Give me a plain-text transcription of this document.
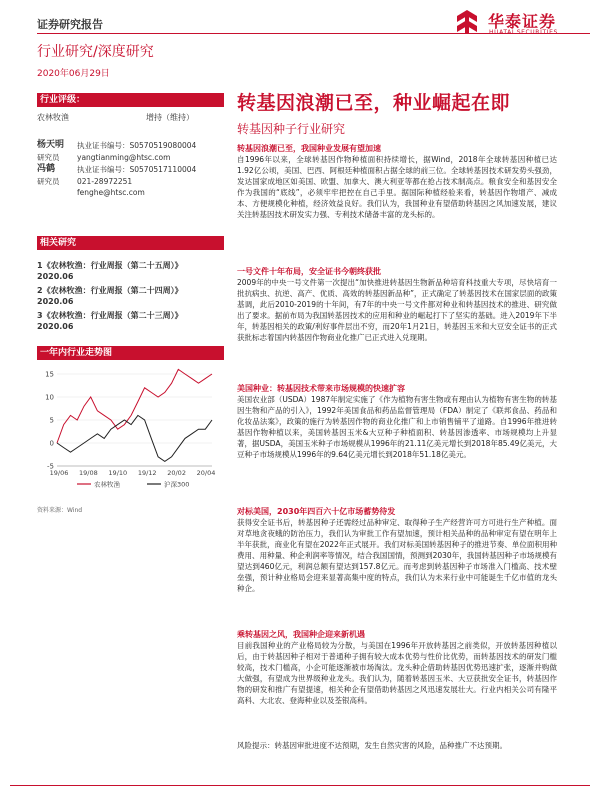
证券研究报告	华泰证券
HUATAI SECURITIES
行业研究/深度研究
2020年06月29日
行业评级：
农林牧渔	增持（维持）
杨天明
研究员
执业证书编号：S0570519080004
yangtianming@htsc.com
冯鹤
研究员
执业证书编号：S0570517110004
021-28972251
fenghe@htsc.com
相关研究
1《农林牧渔：行业周报（第二十五周）》
2020.06
2《农林牧渔：行业周报（第二十四周）》
2020.06
3《农林牧渔：行业周报（第二十三周）》
2020.06
一年内行业走势图
-5
0
5
10
15
19/06 19/08 19/10 19/12 20/02 20/04
农林牧渔	沪深300
资料来源：Wind
转基因浪潮已至，种业崛起在即
转基因种子行业研究
转基因浪潮已至，我国种业发展有望加速
自1996年以来，全球转基因作物种植面积持续增长，据Wind，2018年全球转基因种植已达1.92亿公顷，美国、巴西、阿根廷种植面积占据全球的前三位。全球转基因技术研发势头强劲，发达国家成地区如美国、欧盟、加拿大、澳大利亚等都在抢占技术制高点。粮食安全和基因安全作为我国的“底线”，必须牢牢把控在自己手里。据国际种植经验来看，转基因作物增产、减成本、方便规模化种植，经济效益良好。我们认为，我国种业有望借助转基因之风加速发展，建议关注转基因技术研发实力强、专利技术储备丰富的龙头标的。
一号文件十年布局，安全证书今朝终获批
2009年的中央一号文件第一次提出“加快推进转基因生物新品种培育科技重大专项，尽快培育一批抗病虫、抗逆、高产、优质、高效的转基因新品种”，正式确定了转基因技术在国家层面的政策基调，此后2010-2019的十年间，有7年的中央一号文件都对种业和转基因技术的推进、研究做出了要求。据前布局为我国转基因技术的应用和种业的崛起打下了坚实的基础。进入2019年下半年，转基因相关的政策/利好事件层出不穷，而20年1月21日，转基因玉米和大豆安全证书的正式获批标志着国内转基因作物商业化推广已正式进入兑现期。
美国种业：转基因技术带来市场规模的快速扩容
美国农业部（USDA）1987年制定实施了《作为植物有害生物或有理由认为植物有害生物的转基因生物和产品的引入》，1992年美国食品和药品监督管理局（FDA）制定了《联邦食品、药品和化妆品法案》，政策的施行为转基因作物的商业化推广和上市销售铺平了道路。自1996年推进转基因作物种植以来，美国转基因玉米&大豆种子种植面积、转基因渗透率、市场规模均上升显著，据USDA，美国玉米种子市场规模从1996年的21.11亿美元增长到2018年85.49亿美元，大豆种子市场规模从1996年的9.64亿美元增长到2018年51.18亿美元。
对标美国，2030年四百六十亿市场蓄势待发
获得安全证书后，转基因种子还需经过品种审定、取得种子生产经营许可方可进行生产种植。面对草地贪夜蛾的防治压力，我们认为审批工作有望加速，预计相关品种的品种审定有望在明年上半年获批，商业化有望在2022年正式展开。我们对标美国转基因种子的推进节奏、单位面积用种费用、用种量、种企利润率等情况，结合我国国情，预测到2030年，我国转基因种子市场规模有望达到460亿元，利润总额有望达到157.8亿元。而考虑到转基因种子市场准入门槛高、技术壁垒强，预计种业格局会迎来显著高集中度的特点，我们认为未来行业中可能诞生千亿市值的龙头种企。
乘转基因之风，我国种企迎来新机遇
目前我国种业的产业格局较为分散，与美国在1996年开放转基因之前类似，开放转基因种植以后，由于转基因种子相对于普通种子拥有较大成本优势与性价比优势，而转基因技术的研发门槛较高，技术门槛高，小企可能逐渐被市场淘汰。龙头种企借助转基因优势迅速扩张，逐渐并购做大做强，有望成为世界级种业龙头。我们认为，随着转基因玉米、大豆获批安全证书，转基因作物的研发和推广有望提速，相关种企有望借助转基因之风迅速发展壮大。行业内相关公司有隆平高科、大北农、登海种业以及荃银高科。
风险提示：转基因审批进度不达预期，发生自然灾害的风险，品种推广不达预期。
